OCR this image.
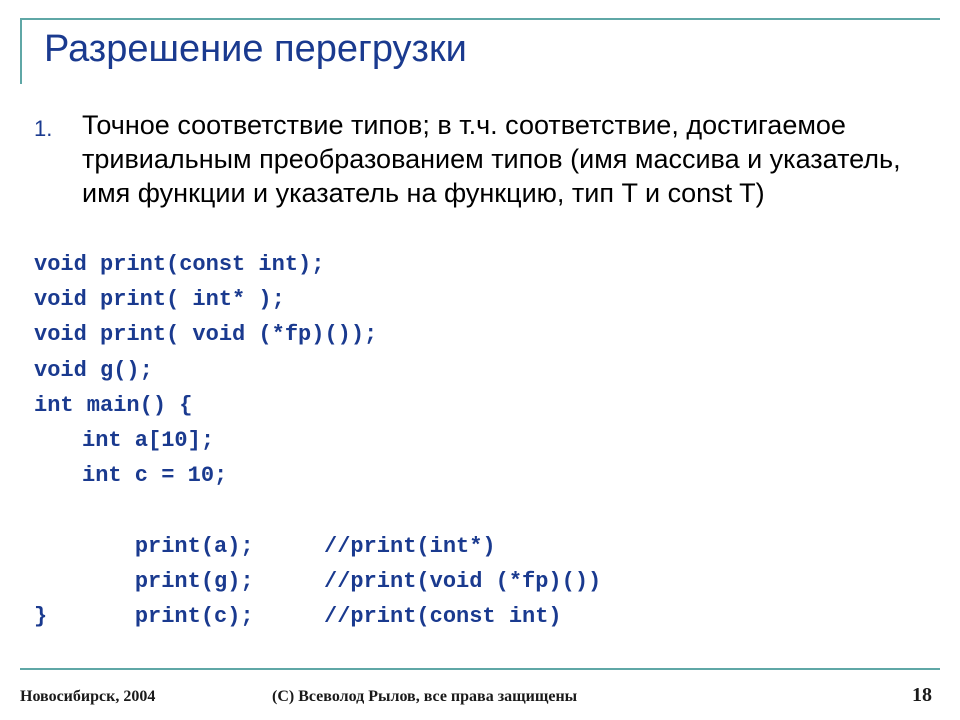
Разрешение перегрузки
1. Точное соответствие типов; в т.ч. соответствие, достигаемое тривиальным преобразованием типов (имя массива и указатель, имя функции и указатель на функцию, тип T и const T)
void print(const int);
void print( int* );
void print( void (*fp)());
void g();
int main() {
int a[10];
int c = 10;

print(a);	//print(int*)

print(g);	//print(void (*fp)())

print(c);	//print(const int)

}
Новосибирск, 2004	(C) Всеволод Рылов, все права защищены	18
